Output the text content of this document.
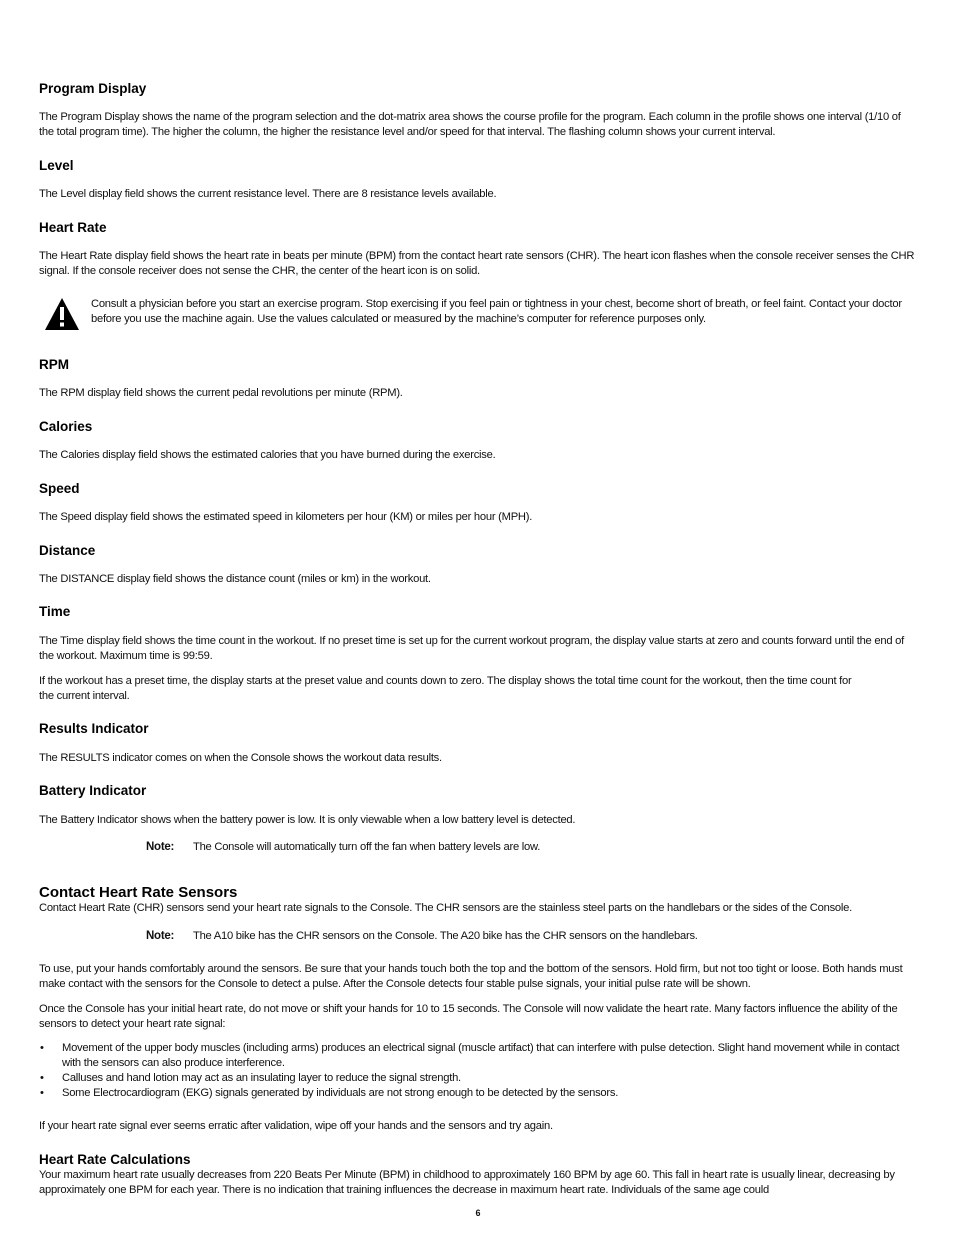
Program Display

The Program Display shows the name of the program selection and the dot-matrix area shows the course profile for the program. Each column in the profile shows one interval (1/10 of the total program time). The higher the column, the higher the resistance level and/or speed for that interval. The flashing column shows your current interval.

Level

The Level display field shows the current resistance level. There are 8 resistance levels available.

Heart Rate

The Heart Rate display field shows the heart rate in beats per minute (BPM) from the contact heart rate sensors (CHR). The heart icon flashes when the console receiver senses the CHR signal. If the console receiver does not sense the CHR, the center of the heart icon is on solid.

Consult a physician before you start an exercise program. Stop exercising if you feel pain or tightness in your chest, become short of breath, or feel faint. Contact your doctor before you use the machine again. Use the values calculated or measured by the machine’s computer for reference purposes only.

RPM

The RPM display field shows the current pedal revolutions per minute (RPM).

Calories

The Calories display field shows the estimated calories that you have burned during the exercise.

Speed

The Speed display field shows the estimated speed in kilometers per hour (KM) or miles per hour (MPH).

Distance

The DISTANCE display field shows the distance count (miles or km) in the workout.

Time

The Time display field shows the time count in the workout. If no preset time is set up for the current workout program, the display value starts at zero and counts forward until the end of the workout. Maximum time is 99:59.

If the workout has a preset time, the display starts at the preset value and counts down to zero. The display shows the total time count for the workout, then the time count for the current interval.

Results Indicator

The RESULTS indicator comes on when the Console shows the workout data results.

Battery Indicator

The Battery Indicator shows when the battery power is low. It is only viewable when a low battery level is detected.

Note: The Console will automatically turn off the fan when battery levels are low.

Contact Heart Rate Sensors

Contact Heart Rate (CHR) sensors send your heart rate signals to the Console. The CHR sensors are the stainless steel parts on the handlebars or the sides of the Console.

Note: The A10 bike has the CHR sensors on the Console. The A20 bike has the CHR sensors on the handlebars.

To use, put your hands comfortably around the sensors. Be sure that your hands touch both the top and the bottom of the sensors. Hold firm, but not too tight or loose. Both hands must make contact with the sensors for the Console to detect a pulse. After the Console detects four stable pulse signals, your initial pulse rate will be shown.

Once the Console has your initial heart rate, do not move or shift your hands for 10 to 15 seconds. The Console will now validate the heart rate. Many factors influence the ability of the sensors to detect your heart rate signal:

• Movement of the upper body muscles (including arms) produces an electrical signal (muscle artifact) that can interfere with pulse detection. Slight hand movement while in contact with the sensors can also produce interference.
• Calluses and hand lotion may act as an insulating layer to reduce the signal strength.
• Some Electrocardiogram (EKG) signals generated by individuals are not strong enough to be detected by the sensors.

If your heart rate signal ever seems erratic after validation, wipe off your hands and the sensors and try again.

Heart Rate Calculations

Your maximum heart rate usually decreases from 220 Beats Per Minute (BPM) in childhood to approximately 160 BPM by age 60. This fall in heart rate is usually linear, decreasing by approximately one BPM for each year. There is no indication that training influences the decrease in maximum heart rate. Individuals of the same age could

6
